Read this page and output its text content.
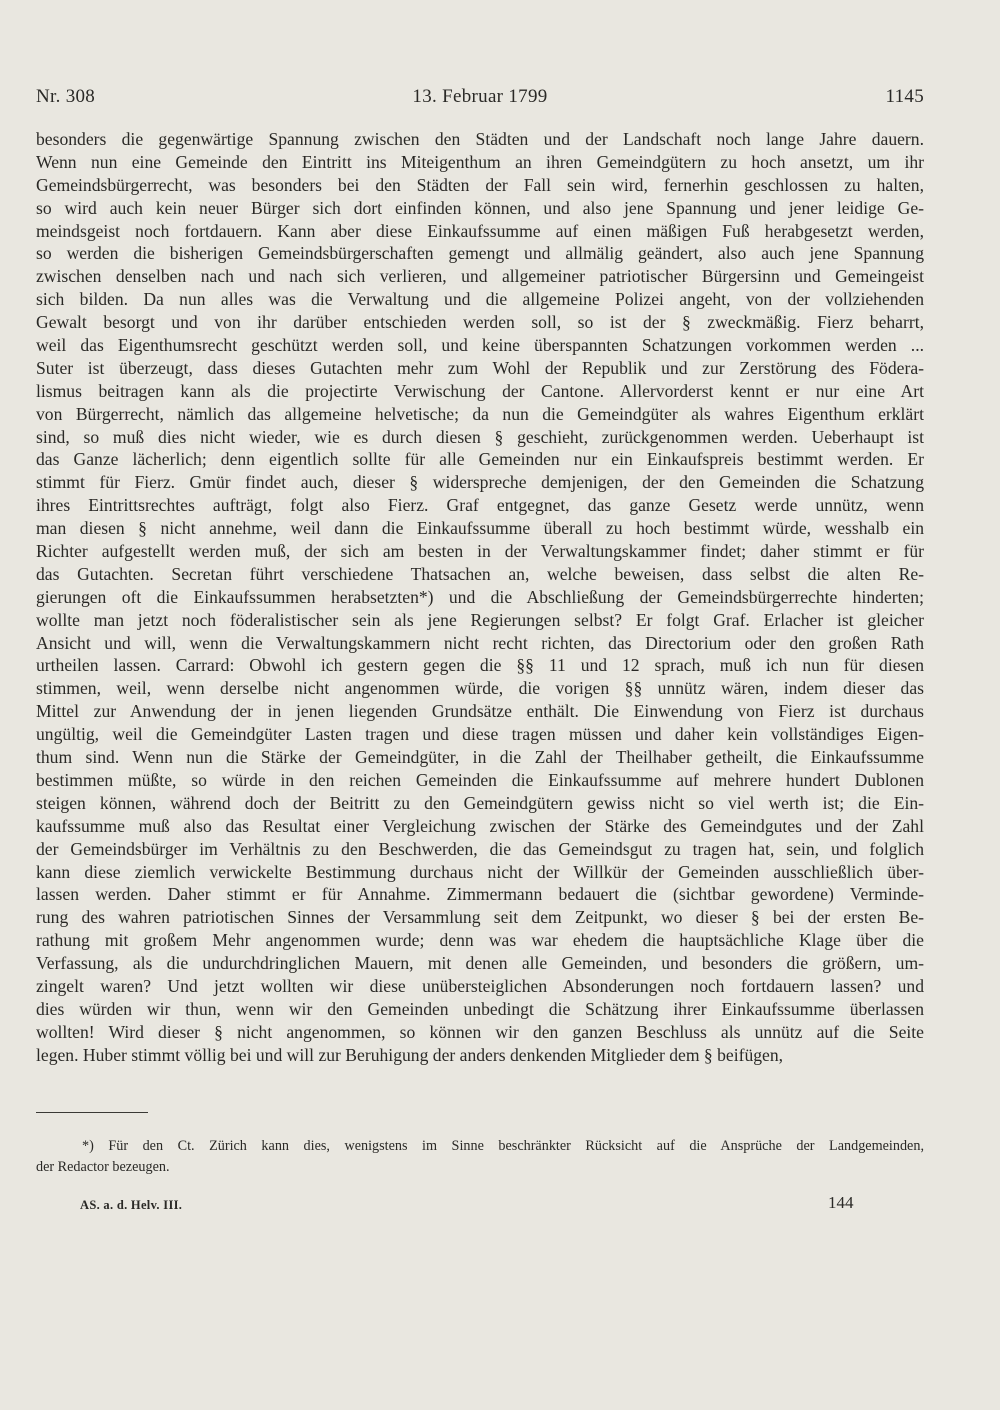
Nr. 308	13. Februar 1799	1145
besonders die gegenwärtige Spannung zwischen den Städten und der Landschaft noch lange Jahre dauern.
Wenn nun eine Gemeinde den Eintritt ins Miteigenthum an ihren Gemeindgütern zu hoch ansetzt, um ihr
Gemeindsbürgerrecht, was besonders bei den Städten der Fall sein wird, fernerhin geschlossen zu halten,
so wird auch kein neuer Bürger sich dort einfinden können, und also jene Spannung und jener leidige Ge-
meindsgeist noch fortdauern. Kann aber diese Einkaufssumme auf einen mäßigen Fuß herabgesetzt werden,
so werden die bisherigen Gemeindsbürgerschaften gemengt und allmälig geändert, also auch jene Spannung
zwischen denselben nach und nach sich verlieren, und allgemeiner patriotischer Bürgersinn und Gemeingeist
sich bilden. Da nun alles was die Verwaltung und die allgemeine Polizei angeht, von der vollziehenden
Gewalt besorgt und von ihr darüber entschieden werden soll, so ist der § zweckmäßig. Fierz beharrt,
weil das Eigenthumsrecht geschützt werden soll, und keine überspannten Schatzungen vorkommen werden ...
Suter ist überzeugt, dass dieses Gutachten mehr zum Wohl der Republik und zur Zerstörung des Födera-
lismus beitragen kann als die projectirte Verwischung der Cantone. Allervorderst kennt er nur eine Art
von Bürgerrecht, nämlich das allgemeine helvetische; da nun die Gemeindgüter als wahres Eigenthum erklärt
sind, so muß dies nicht wieder, wie es durch diesen § geschieht, zurückgenommen werden. Ueberhaupt ist
das Ganze lächerlich; denn eigentlich sollte für alle Gemeinden nur ein Einkaufspreis bestimmt werden. Er
stimmt für Fierz. Gmür findet auch, dieser § widerspreche demjenigen, der den Gemeinden die Schatzung
ihres Eintrittsrechtes aufträgt, folgt also Fierz. Graf entgegnet, das ganze Gesetz werde unnütz, wenn
man diesen § nicht annehme, weil dann die Einkaufssumme überall zu hoch bestimmt würde, wesshalb ein
Richter aufgestellt werden muß, der sich am besten in der Verwaltungskammer findet; daher stimmt er für
das Gutachten. Secretan führt verschiedene Thatsachen an, welche beweisen, dass selbst die alten Re-
gierungen oft die Einkaufssummen herabsetzten*) und die Abschließung der Gemeindsbürgerrechte hinderten;
wollte man jetzt noch föderalistischer sein als jene Regierungen selbst? Er folgt Graf. Erlacher ist gleicher
Ansicht und will, wenn die Verwaltungskammern nicht recht richten, das Directorium oder den großen Rath
urtheilen lassen. Carrard: Obwohl ich gestern gegen die §§ 11 und 12 sprach, muß ich nun für diesen
stimmen, weil, wenn derselbe nicht angenommen würde, die vorigen §§ unnütz wären, indem dieser das
Mittel zur Anwendung der in jenen liegenden Grundsätze enthält. Die Einwendung von Fierz ist durchaus
ungültig, weil die Gemeindgüter Lasten tragen und diese tragen müssen und daher kein vollständiges Eigen-
thum sind. Wenn nun die Stärke der Gemeindgüter, in die Zahl der Theilhaber getheilt, die Einkaufssumme
bestimmen müßte, so würde in den reichen Gemeinden die Einkaufssumme auf mehrere hundert Dublonen
steigen können, während doch der Beitritt zu den Gemeindgütern gewiss nicht so viel werth ist; die Ein-
kaufssumme muß also das Resultat einer Vergleichung zwischen der Stärke des Gemeindgutes und der Zahl
der Gemeindsbürger im Verhältnis zu den Beschwerden, die das Gemeindsgut zu tragen hat, sein, und folglich
kann diese ziemlich verwickelte Bestimmung durchaus nicht der Willkür der Gemeinden ausschließlich über-
lassen werden. Daher stimmt er für Annahme. Zimmermann bedauert die (sichtbar gewordene) Verminde-
rung des wahren patriotischen Sinnes der Versammlung seit dem Zeitpunkt, wo dieser § bei der ersten Be-
rathung mit großem Mehr angenommen wurde; denn was war ehedem die hauptsächliche Klage über die
Verfassung, als die undurchdringlichen Mauern, mit denen alle Gemeinden, und besonders die größern, um-
zingelt waren? Und jetzt wollten wir diese unübersteiglichen Absonderungen noch fortdauern lassen? und
dies würden wir thun, wenn wir den Gemeinden unbedingt die Schätzung ihrer Einkaufssumme überlassen
wollten! Wird dieser § nicht angenommen, so können wir den ganzen Beschluss als unnütz auf die Seite
legen. Huber stimmt völlig bei und will zur Beruhigung der anders denkenden Mitglieder dem § beifügen,
*) Für den Ct. Zürich kann dies, wenigstens im Sinne beschränkter Rücksicht auf die Ansprüche der Landgemeinden,
der Redactor bezeugen.
AS. a. d. Helv. III.	144
